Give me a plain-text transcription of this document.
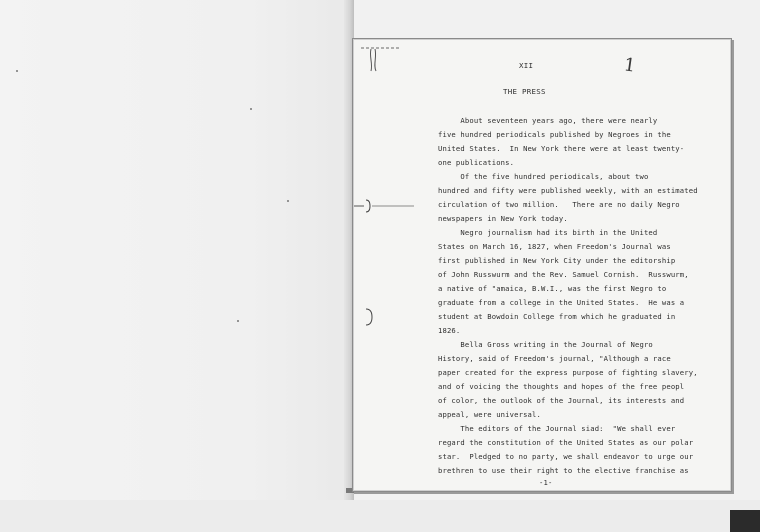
XII	1
THE PRESS
About seventeen years ago, there were nearly
five hundred periodicals published by Negroes in the
United States.  In New York there were at least twenty-
one publications.
Of the five hundred periodicals, about two
hundred and fifty were published weekly, with an estimated
circulation of two million.   There are no daily Negro
newspapers in New York today.
Negro journalism had its birth in the United
States on March 16, 1827, when Freedom's Journal was
first published in New York City under the editorship
of John Russwurm and the Rev. Samuel Cornish.  Russwurm,
a native of "amaica, B.W.I., was the first Negro to
graduate from a college in the United States.  He was a
student at Bowdoin College from which he graduated in
1826.
Bella Gross writing in the Journal of Negro
History, said of Freedom's journal, "Although a race
paper created for the express purpose of fighting slavery,
and of voicing the thoughts and hopes of the free peopl
of color, the outlook of the Journal, its interests and
appeal, were universal.
The editors of the Journal siad:  "We shall ever
regard the constitution of the United States as our polar
star.  Pledged to no party, we shall endeavor to urge our
brethren to use their right to the elective franchise as
-1-
